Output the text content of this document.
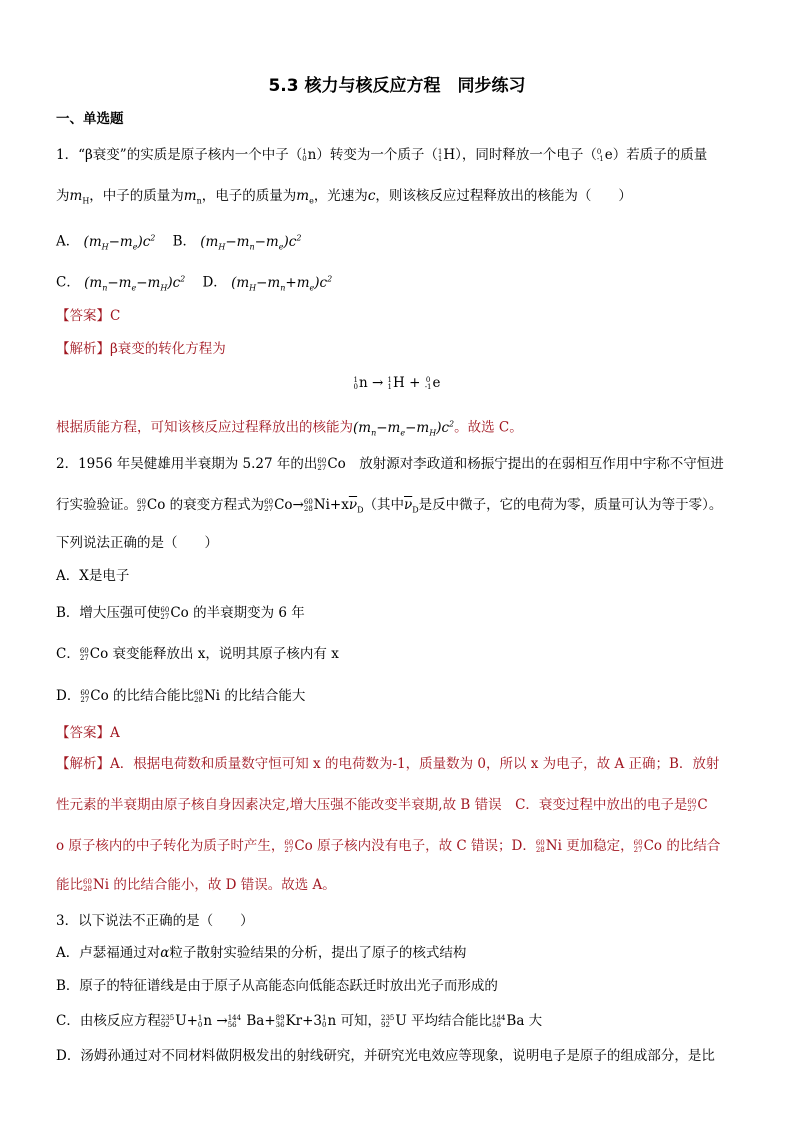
5.3 核力与核反应方程　同步练习
一、单选题
1．“β衰变”的实质是原子核内一个中子（ 1
0 n）转变为一个质子（ 1
1 H），同时释放一个电子（ 0
-1 e）若质子的质量
为$m_H$，中子的质量为$m_n$，电子的质量为$m_e$，光速为c，则该核反应过程释放出的核能为（　　）
A． $(m_H-m_e)c^2$ B． $(m_H-m_n-m_e)c^2$
C． $(m_n-m_e-m_H)c^2$ D． $(m_H-m_n+m_e)c^2$
【答案】C
【解析】β衰变的转化方程为
1
0 n → 1
1 H + 0
-1 e
根据质能方程，可知该核反应过程释放出的核能为$(m_n-m_e-m_H)c^2$。故选 C。
2．1956 年吴健雄用半衰期为 5.27 年的出 60
27 Co　放射源对李政道和杨振宁提出的在弱相互作用中宇称不守恒进
行实验验证。 60
27 Co 的衰变方程式为 60
27 Co→ 60
28 $Ni+x\overline{\nu}_D$（其中$\overline{\nu}_D$是反中微子，它的电荷为零，质量可认为等于零）。
下列说法正确的是（　　）
A．X是电子
B．增大压强可使 60
27 Co 的半衰期变为 6 年
C． 60
27 Co 衰变能释放出 x，说明其原子核内有 x
D． 60
27 Co 的比结合能比 60
28 Ni 的比结合能大
【答案】A
【解析】A．根据电荷数和质量数守恒可知 x 的电荷数为-1，质量数为 0，所以 x 为电子，故 A 正确；B．放射
性元素的半衰期由原子核自身因素决定,增大压强不能改变半衰期,故 B 错误　C．衰变过程中放出的电子是 60
27 C
o 原子核内的中子转化为质子时产生， 60
27 Co 原子核内没有电子，故 C 错误；D． 60
28 Ni 更加稳定， 60
27 Co 的比结合
能比 60
28 Ni 的比结合能小，故 D 错误。故选 A。
3．以下说法不正确的是（　　）
A．卢瑟福通过对α粒子散射实验结果的分析，提出了原子的核式结构
B．原子的特征谱线是由于原子从高能态向低能态跃迁时放出光子而形成的
C．由核反应方程 235
92 U+ 1
0 n → 144
56 Ba+ 89
36 Kr+3 1
0 n 可知， 235
92 U 平均结合能比 144
56 Ba 大
D．汤姆孙通过对不同材料做阴极发出的射线研究，并研究光电效应等现象，说明电子是原子的组成部分，是比
